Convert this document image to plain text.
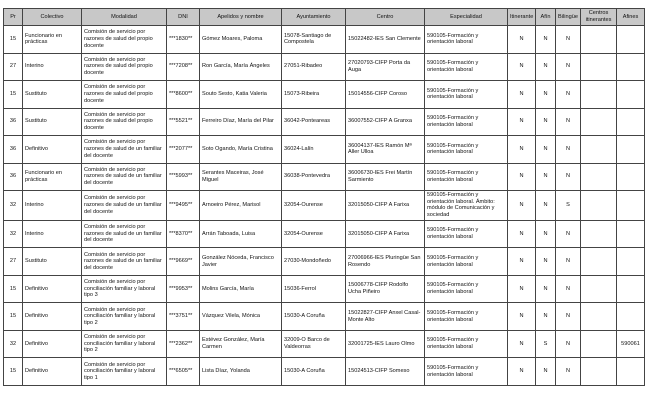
Pr	Colectivo	Modalidad	DNI	Apelidos y nombre	Ayuntamiento	Centro	Especialidad	Itinerante	Afín	Bilingüe	Centros itinerantes	Afines
15	Funcionario en prácticas	Comisión de servicio por razones de salud del propio docente	***1830**	Gómez Moares, Paloma	15078-Santiago de Compostela	15022482-IES San Clemente	590105-Formación y orientación laboral	N	N	N		
27	Interino	Comisión de servicio por razones de salud del propio docente	***7208**	Ron García, María Ángeles	27051-Ribadeo	27020793-CIFP Porta da Auga	590105-Formación y orientación laboral	N	N	N		
15	Sustituto	Comisión de servicio por razones de salud del propio docente	***8600**	Souto Sesto, Katia Valeria	15073-Ribeira	15014556-CIFP Coroso	590105-Formación y orientación laboral	N	N	N		
36	Sustituto	Comisión de servicio por razones de salud del propio docente	***5521**	Ferreiro Díaz, María del Pilar	36042-Ponteareas	36007552-CIFP A Granxa	590105-Formación y orientación laboral	N	N	N		
36	Definitivo	Comisión de servicio por razones de salud de un familiar del docente	***2077**	Soto Ogando, María Cristina	36024-Lalín	36004137-IES Ramón Mª Aller Ulloa	590105-Formación y orientación laboral	N	N	N		
36	Funcionario en prácticas	Comisión de servicio por razones de salud de un familiar del docente	***5993**	Serantes Maceiras, José Miguel	36038-Pontevedra	36006730-IES Frei Martín Sarmiento	590105-Formación y orientación laboral	N	N	N		
32	Interino	Comisión de servicio por razones de salud de un familiar del docente	***9495**	Arnoeiro Pérez, Marisol	32054-Ourense	32015050-CIFP A Farixa	590105-Formación y orientación laboral. Ámbito: módulo de Comunicación y sociedad	N	N	S		
32	Interino	Comisión de servicio por razones de salud de un familiar del docente	***8370**	Arrán Taboada, Luisa	32054-Ourense	32015050-CIFP A Farixa	590105-Formación y orientación laboral	N	N	N		
27	Sustituto	Comisión de servicio por razones de salud de un familiar del docente	***9669**	González Nóceda, Francisco Javier	27030-Mondoñedo	27006966-IES Pluringüe San Rosendo	590105-Formación y orientación laboral	N	N	N		
15	Definitivo	Comisión de servicio por conciliación familiar y laboral tipo 3	***9953**	Molins García, María	15036-Ferrol	15006778-CIFP Rodolfo Ucha Piñeiro	590105-Formación y orientación laboral	N	N	N		
15	Definitivo	Comisión de servicio por conciliación familiar y laboral tipo 2	***3751**	Vázquez Vilela, Mónica	15030-A Coruña	15022827-CIFP Anxel Casal-Monte Alto	590105-Formación y orientación laboral	N	N	N		
32	Definitivo	Comisión de servicio por conciliación familiar y laboral tipo 2	***2362**	Estévez González, María Carmen	32009-O Barco de Valdeorras	32001725-IES Lauro Olmo	590105-Formación y orientación laboral	N	S	N		590061
15	Definitivo	Comisión de servicio por conciliación familiar y laboral tipo 1	***6505**	Lista Díaz, Yolanda	15030-A Coruña	15024513-CIFP Someso	590105-Formación y orientación laboral	N	N	N		
